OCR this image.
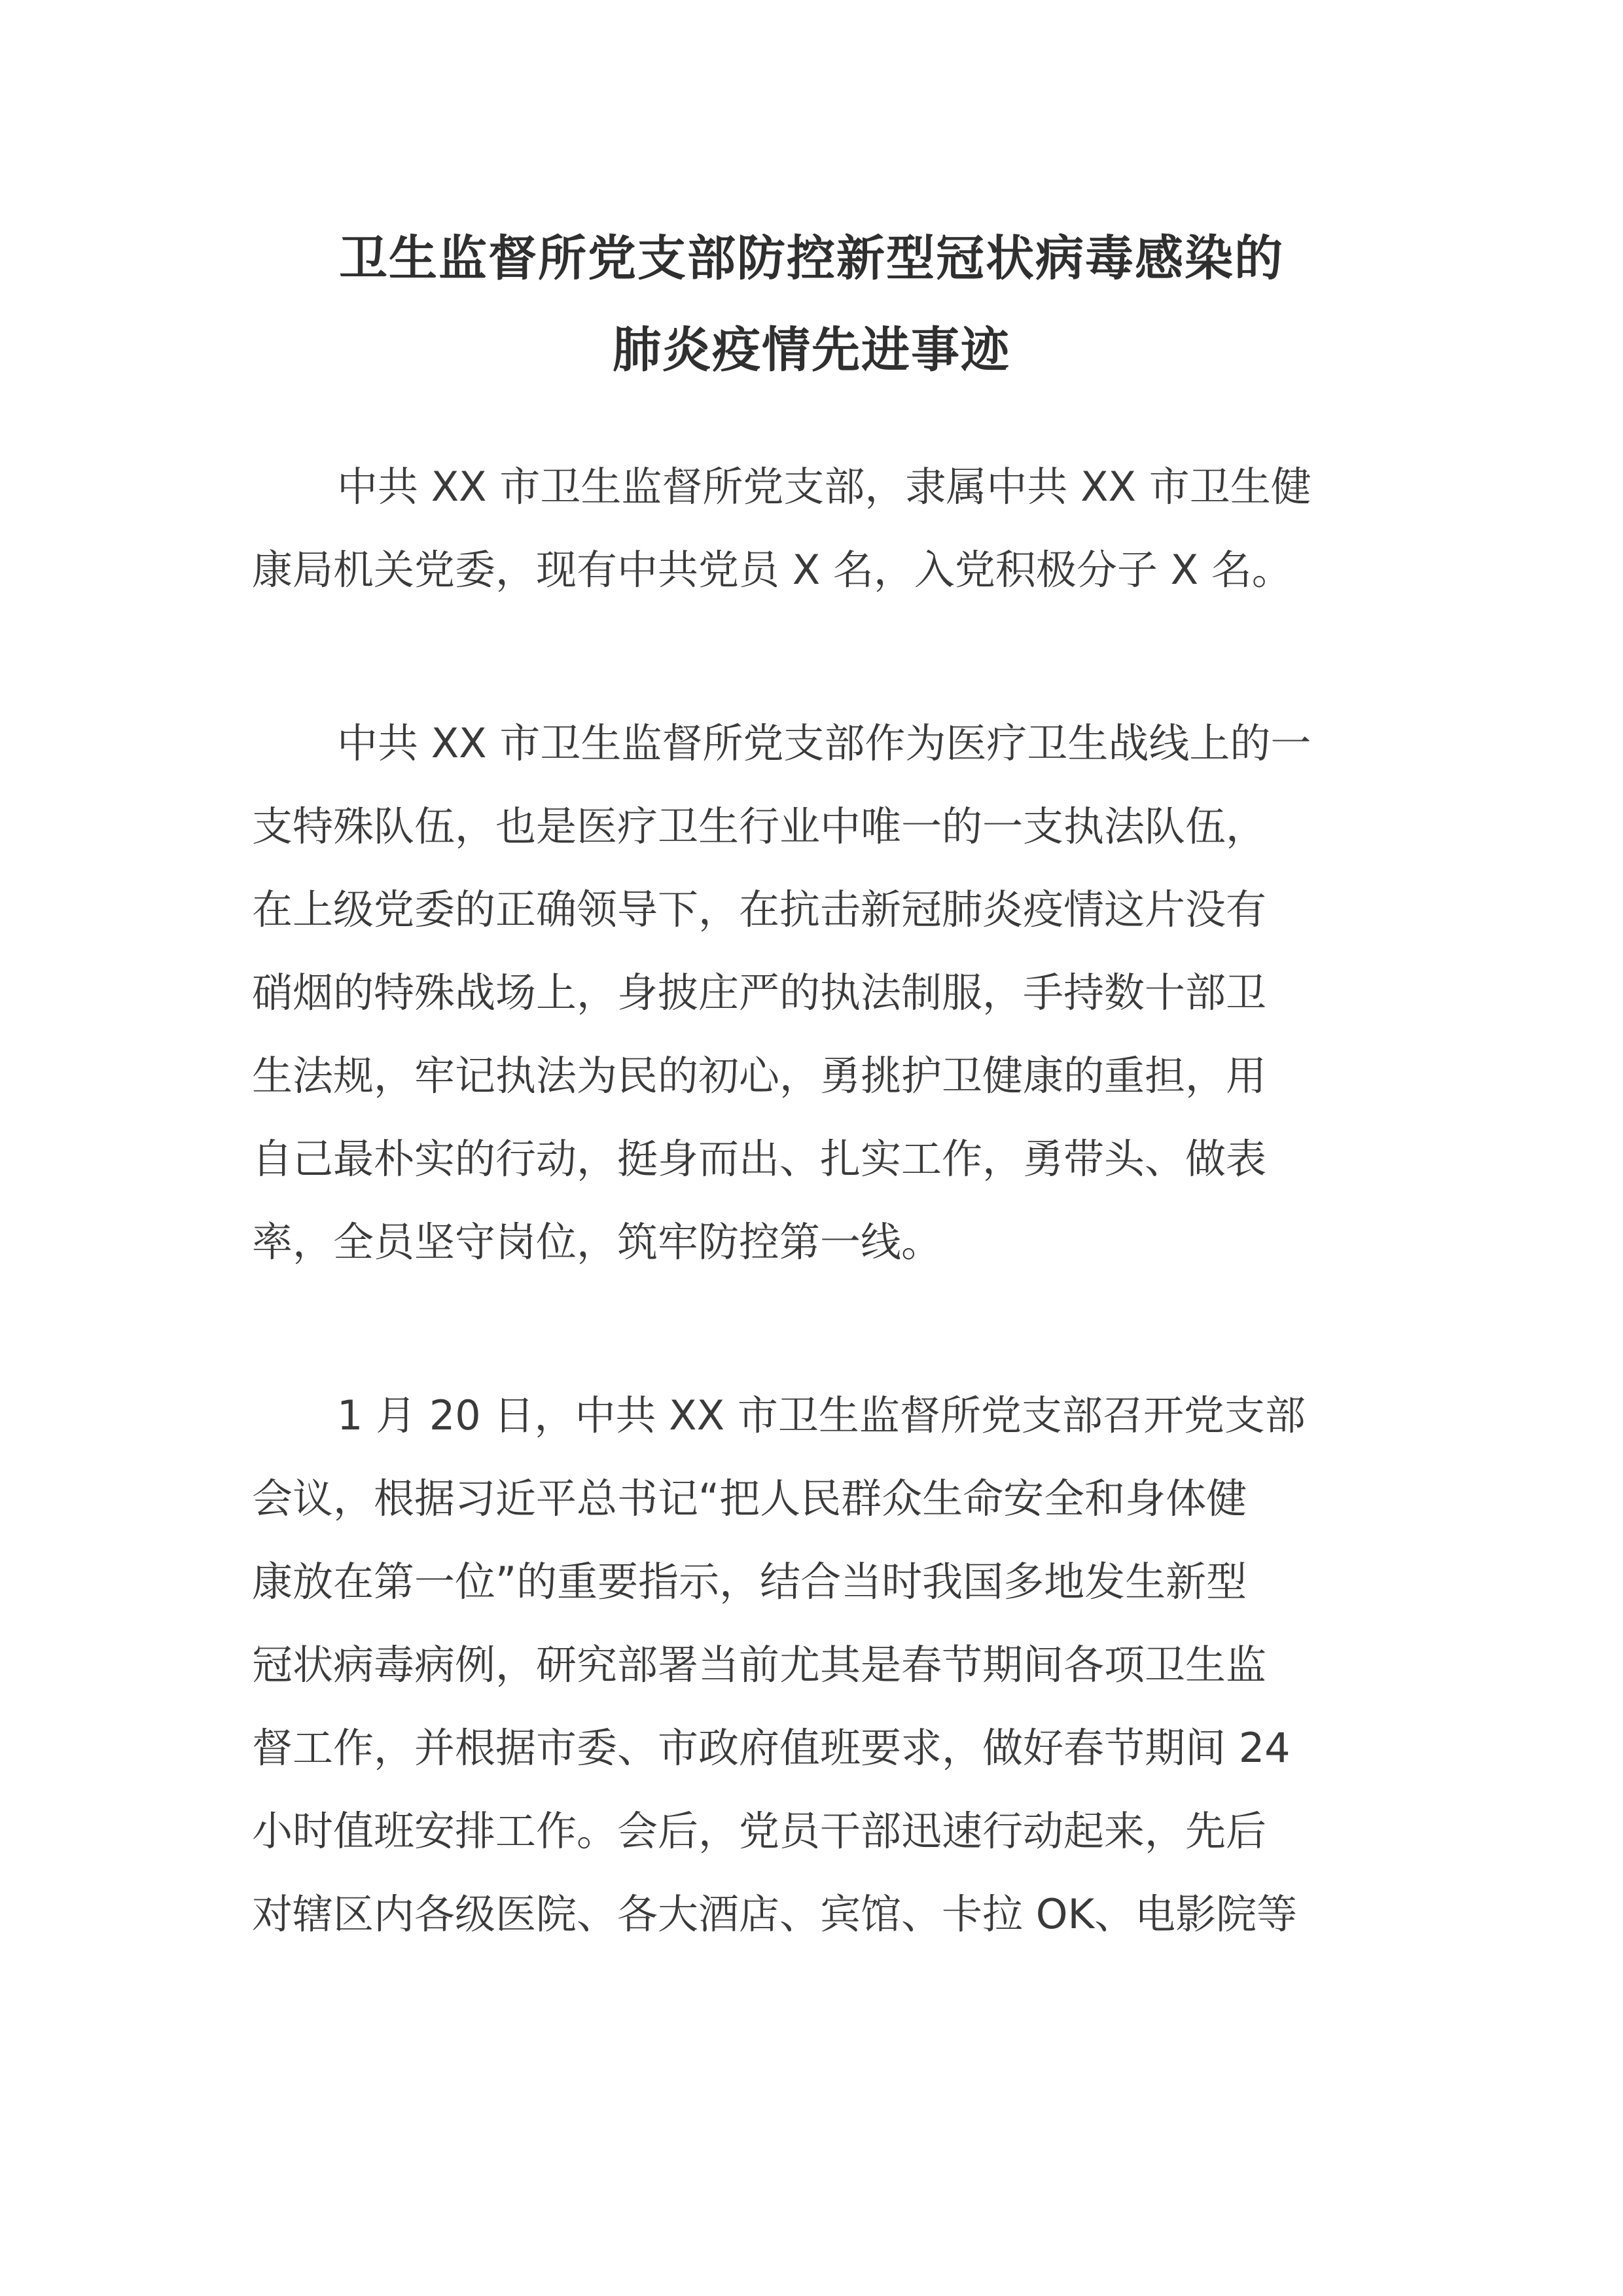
卫生监督所党支部防控新型冠状病毒感染的
肺炎疫情先进事迹
中共 XX 市卫生监督所党支部，隶属中共 XX 市卫生健
康局机关党委，现有中共党员 X 名，入党积极分子 X 名。
中共 XX 市卫生监督所党支部作为医疗卫生战线上的一
支特殊队伍，也是医疗卫生行业中唯一的一支执法队伍，
在上级党委的正确领导下，在抗击新冠肺炎疫情这片没有
硝烟的特殊战场上，身披庄严的执法制服，手持数十部卫
生法规，牢记执法为民的初心，勇挑护卫健康的重担，用
自己最朴实的行动，挺身而出、扎实工作，勇带头、做表
率，全员坚守岗位，筑牢防控第一线。
1 月 20 日，中共 XX 市卫生监督所党支部召开党支部
会议，根据习近平总书记“把人民群众生命安全和身体健
康放在第一位”的重要指示，结合当时我国多地发生新型
冠状病毒病例，研究部署当前尤其是春节期间各项卫生监
督工作，并根据市委、市政府值班要求，做好春节期间 24
小时值班安排工作。会后，党员干部迅速行动起来，先后
对辖区内各级医院、各大酒店、宾馆、卡拉 OK、电影院等
